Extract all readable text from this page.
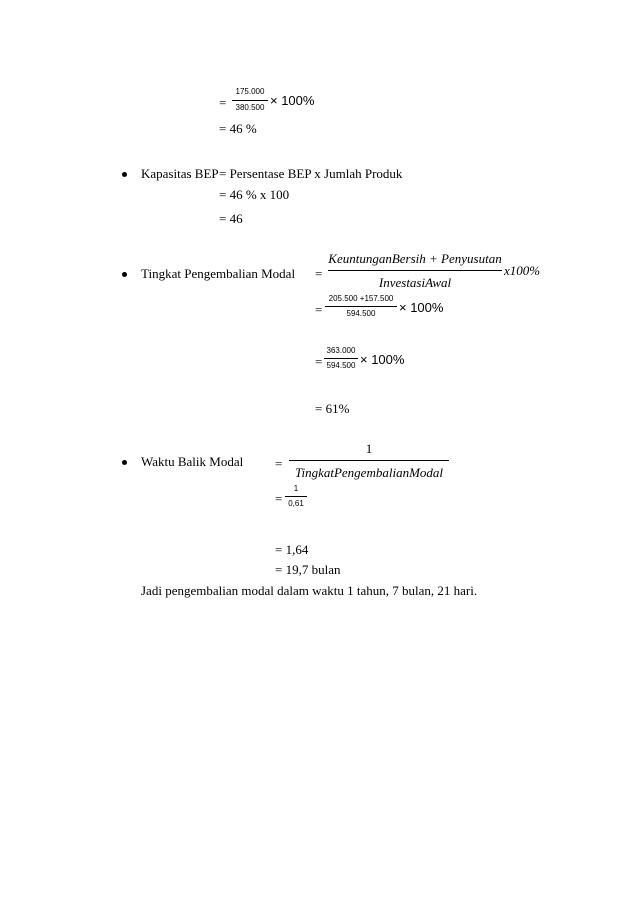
=
175.000
380.500 × 100%
= 46 %
Kapasitas BEP = Persentase BEP x Jumlah Produk
= 46 % x 100
= 46
Tingkat Pengembalian Modal =
KeuntunganBersih + Penyusutan
InvestasiAwal
x100%
=
205.500 +157.500
594.500	× 100%
=
363.000
594.500 × 100%
= 61%
Waktu Balik Modal =
1
TingkatPengembalianModal
=
1
0,61
= 1,64
= 19,7 bulan
Jadi pengembalian modal dalam waktu 1 tahun, 7 bulan, 21 hari.
